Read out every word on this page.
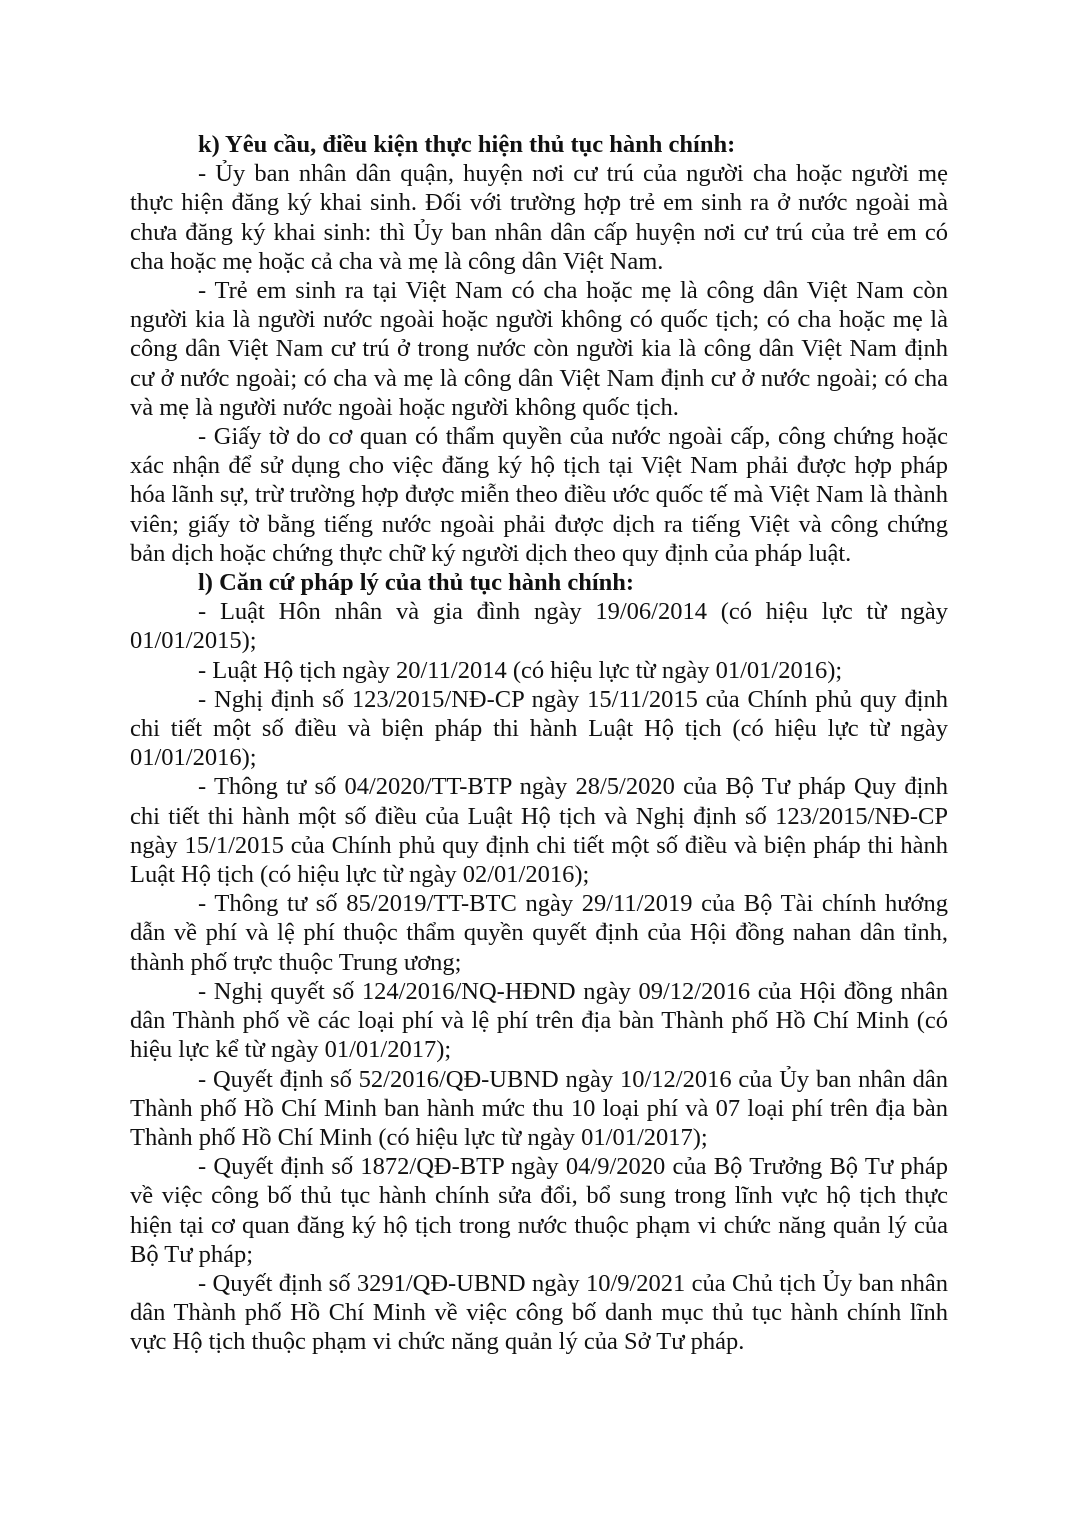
k) Yêu cầu, điều kiện thực hiện thủ tục hành chính:

- Ủy ban nhân dân quận, huyện nơi cư trú của người cha hoặc người mẹ thực hiện đăng ký khai sinh. Đối với trường hợp trẻ em sinh ra ở nước ngoài mà chưa đăng ký khai sinh: thì Ủy ban nhân dân cấp huyện nơi cư trú của trẻ em có cha hoặc mẹ hoặc cả cha và mẹ là công dân Việt Nam.

- Trẻ em sinh ra tại Việt Nam có cha hoặc mẹ là công dân Việt Nam còn người kia là người nước ngoài hoặc người không có quốc tịch; có cha hoặc mẹ là công dân Việt Nam cư trú ở trong nước còn người kia là công dân Việt Nam định cư ở nước ngoài; có cha và mẹ là công dân Việt Nam định cư ở nước ngoài; có cha và mẹ là người nước ngoài hoặc người không quốc tịch.

- Giấy tờ do cơ quan có thẩm quyền của nước ngoài cấp, công chứng hoặc xác nhận để sử dụng cho việc đăng ký hộ tịch tại Việt Nam phải được hợp pháp hóa lãnh sự, trừ trường hợp được miễn theo điều ước quốc tế mà Việt Nam là thành viên; giấy tờ bằng tiếng nước ngoài phải được dịch ra tiếng Việt và công chứng bản dịch hoặc chứng thực chữ ký người dịch theo quy định của pháp luật.

l) Căn cứ pháp lý của thủ tục hành chính:

- Luật Hôn nhân và gia đình ngày 19/06/2014 (có hiệu lực từ ngày 01/01/2015);

- Luật Hộ tịch ngày 20/11/2014 (có hiệu lực từ ngày 01/01/2016);

- Nghị định số 123/2015/NĐ-CP ngày 15/11/2015 của Chính phủ quy định chi tiết một số điều và biện pháp thi hành Luật Hộ tịch (có hiệu lực từ ngày 01/01/2016);

- Thông tư số 04/2020/TT-BTP ngày 28/5/2020 của Bộ Tư pháp Quy định chi tiết thi hành một số điều của Luật Hộ tịch và Nghị định số 123/2015/NĐ-CP ngày 15/1/2015 của Chính phủ quy định chi tiết một số điều và biện pháp thi hành Luật Hộ tịch (có hiệu lực từ ngày 02/01/2016);

- Thông tư số 85/2019/TT-BTC ngày 29/11/2019 của Bộ Tài chính hướng dẫn về phí và lệ phí thuộc thẩm quyền quyết định của Hội đồng nahan dân tỉnh, thành phố trực thuộc Trung ương;

- Nghị quyết số 124/2016/NQ-HĐND ngày 09/12/2016 của Hội đồng nhân dân Thành phố về các loại phí và lệ phí trên địa bàn Thành phố Hồ Chí Minh (có hiệu lực kể từ ngày 01/01/2017);

- Quyết định số 52/2016/QĐ-UBND ngày 10/12/2016 của Ủy ban nhân dân Thành phố Hồ Chí Minh ban hành mức thu 10 loại phí và 07 loại phí trên địa bàn Thành phố Hồ Chí Minh (có hiệu lực từ ngày 01/01/2017);

- Quyết định số 1872/QĐ-BTP ngày 04/9/2020 của Bộ Trưởng Bộ Tư pháp về việc công bố thủ tục hành chính sửa đổi, bổ sung trong lĩnh vực hộ tịch thực hiện tại cơ quan đăng ký hộ tịch trong nước thuộc phạm vi chức năng quản lý của Bộ Tư pháp;

- Quyết định số 3291/QĐ-UBND ngày 10/9/2021 của Chủ tịch Ủy ban nhân dân Thành phố Hồ Chí Minh về việc công bố danh mục thủ tục hành chính lĩnh vực Hộ tịch thuộc phạm vi chức năng quản lý của Sở Tư pháp.
